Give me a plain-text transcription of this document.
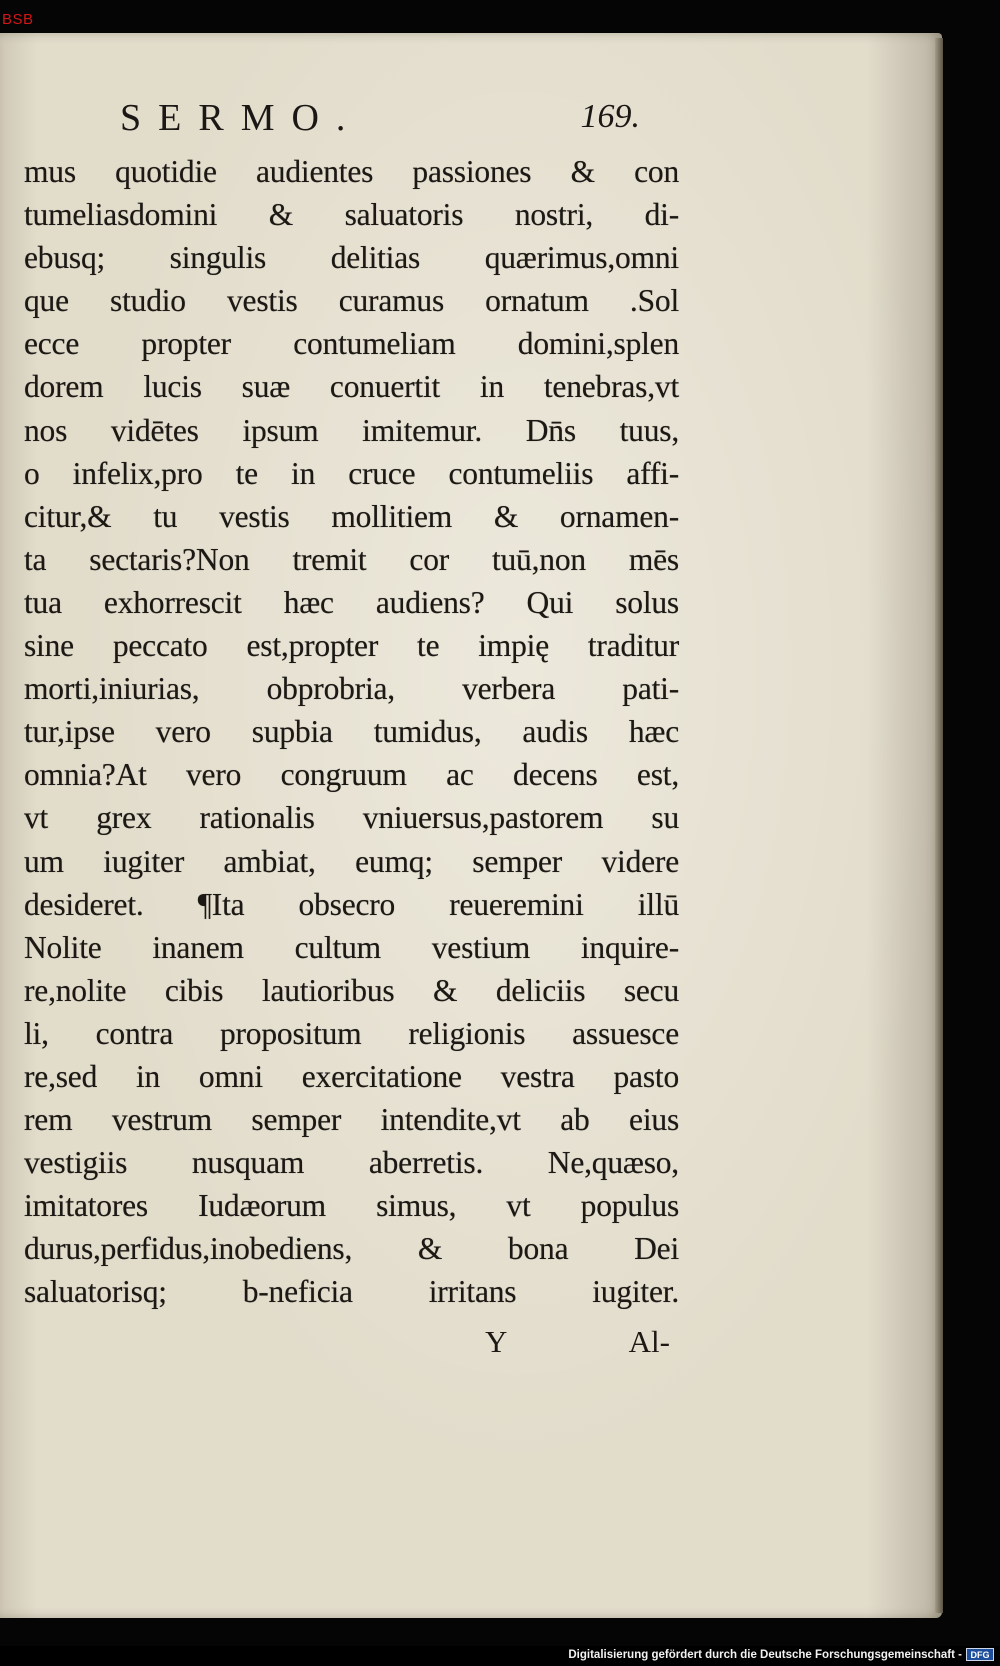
BSB
SERMO.	169.
mus quotidie audientes passiones & con
tumeliasdomini & saluatoris nostri, di-
ebusq; singulis delitias quærimus,omni
que studio vestis curamus ornatum .Sol
ecce propter contumeliam domini,splen
dorem lucis suæ conuertit in tenebras,vt
nos vidētes ipsum imitemur. Dn̄s tuus,
o infelix,pro te in cruce contumeliis affi-
citur,& tu vestis mollitiem & ornamen-
ta sectaris?Non tremit cor tuū,non mēs
tua exhorrescit hæc audiens? Qui solus
sine peccato est,propter te impię traditur
morti,iniurias, obprobria, verbera pati-
tur,ipse vero supbia tumidus, audis hæc
omnia?At vero congruum ac decens est,
vt grex rationalis vniuersus,pastorem su
um iugiter ambiat, eumq; semper videre
desideret. ¶Ita obsecro reueremini illū
Nolite inanem cultum vestium inquire-
re,nolite cibis lautioribus & deliciis secu
li, contra propositum religionis assuesce
re,sed in omni exercitatione vestra pasto
rem vestrum semper intendite,vt ab eius
vestigiis nusquam aberretis. Ne,quæso,
imitatores Iudæorum simus, vt populus
durus,perfidus,inobediens, & bona Dei
saluatorisq; b-neficia irritans iugiter.
Y	Al-
Digitalisierung gefördert durch die Deutsche Forschungsgemeinschaft - DFG
